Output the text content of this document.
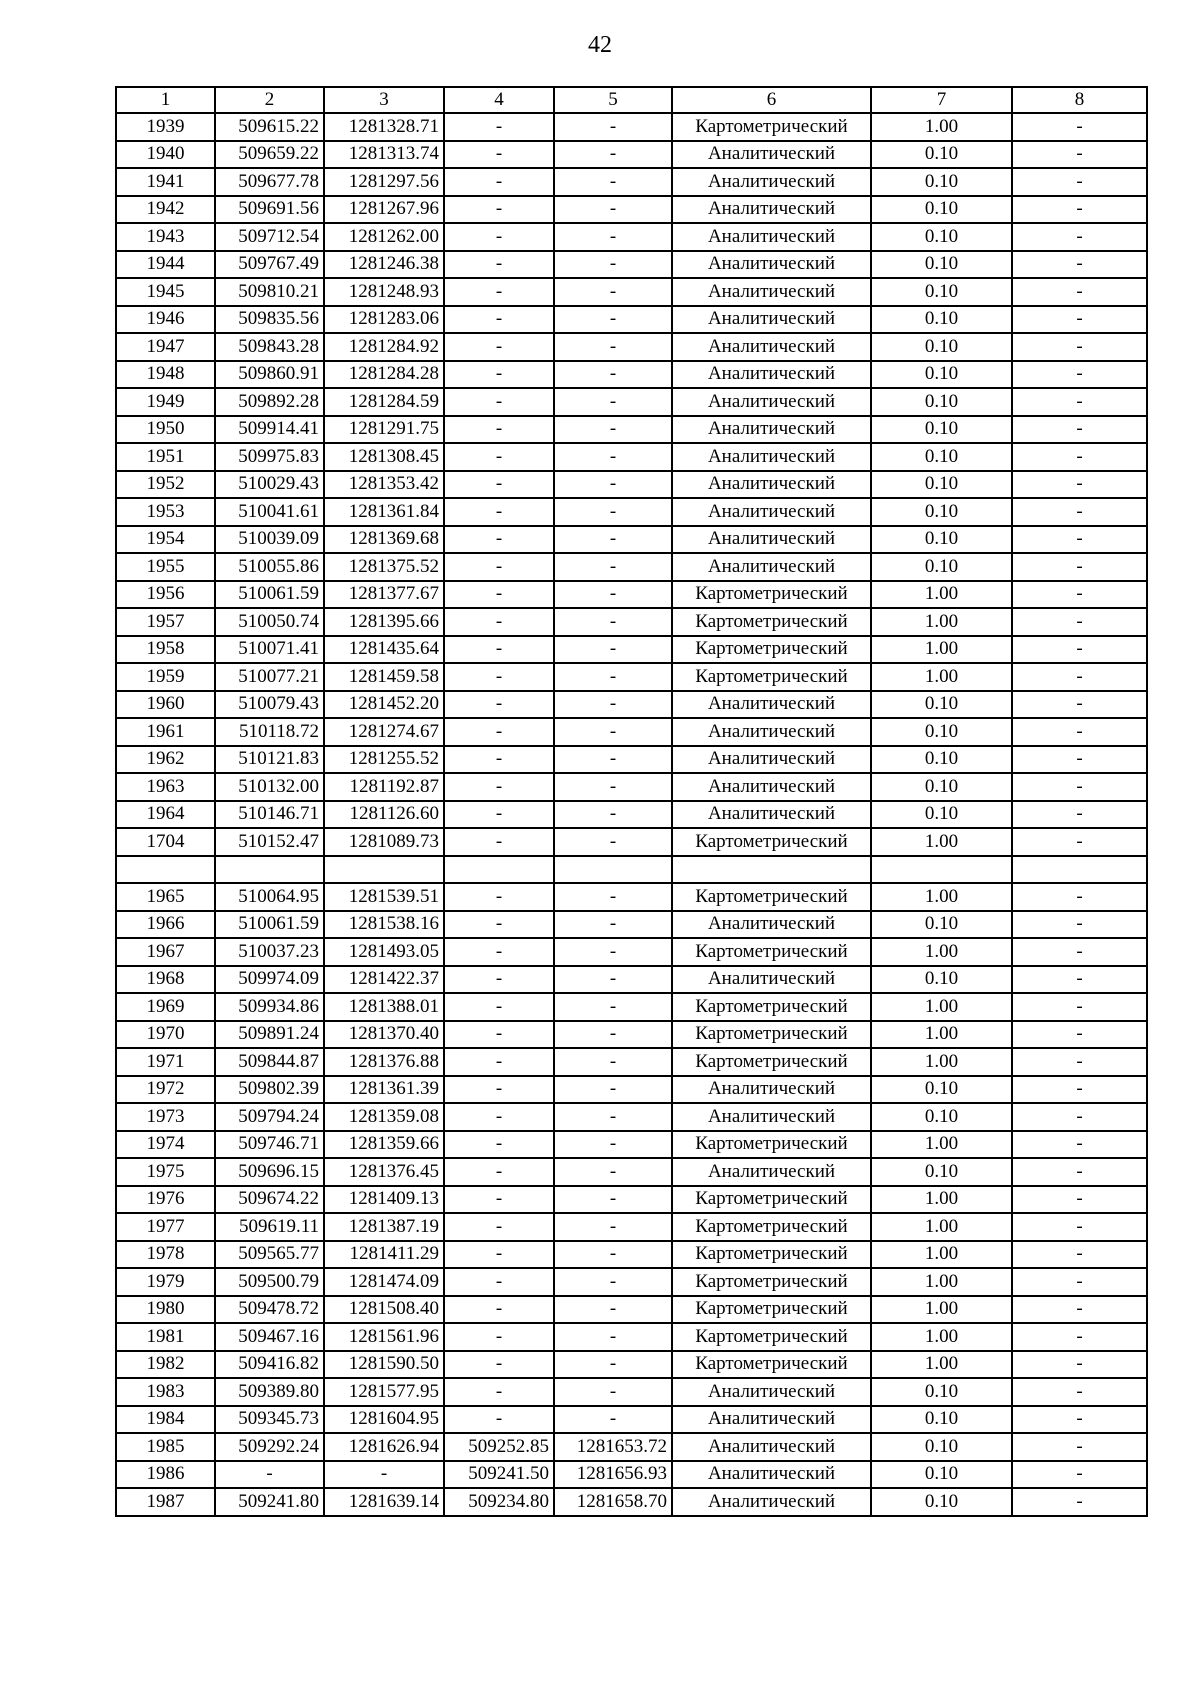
42
1	2	3	4	5	6	7	8
1939	509615.22	1281328.71	-	-	Картометрический	1.00	-
1940	509659.22	1281313.74	-	-	Аналитический	0.10	-
1941	509677.78	1281297.56	-	-	Аналитический	0.10	-
1942	509691.56	1281267.96	-	-	Аналитический	0.10	-
1943	509712.54	1281262.00	-	-	Аналитический	0.10	-
1944	509767.49	1281246.38	-	-	Аналитический	0.10	-
1945	509810.21	1281248.93	-	-	Аналитический	0.10	-
1946	509835.56	1281283.06	-	-	Аналитический	0.10	-
1947	509843.28	1281284.92	-	-	Аналитический	0.10	-
1948	509860.91	1281284.28	-	-	Аналитический	0.10	-
1949	509892.28	1281284.59	-	-	Аналитический	0.10	-
1950	509914.41	1281291.75	-	-	Аналитический	0.10	-
1951	509975.83	1281308.45	-	-	Аналитический	0.10	-
1952	510029.43	1281353.42	-	-	Аналитический	0.10	-
1953	510041.61	1281361.84	-	-	Аналитический	0.10	-
1954	510039.09	1281369.68	-	-	Аналитический	0.10	-
1955	510055.86	1281375.52	-	-	Аналитический	0.10	-
1956	510061.59	1281377.67	-	-	Картометрический	1.00	-
1957	510050.74	1281395.66	-	-	Картометрический	1.00	-
1958	510071.41	1281435.64	-	-	Картометрический	1.00	-
1959	510077.21	1281459.58	-	-	Картометрический	1.00	-
1960	510079.43	1281452.20	-	-	Аналитический	0.10	-
1961	510118.72	1281274.67	-	-	Аналитический	0.10	-
1962	510121.83	1281255.52	-	-	Аналитический	0.10	-
1963	510132.00	1281192.87	-	-	Аналитический	0.10	-
1964	510146.71	1281126.60	-	-	Аналитический	0.10	-
1704	510152.47	1281089.73	-	-	Картометрический	1.00	-

1965	510064.95	1281539.51	-	-	Картометрический	1.00	-
1966	510061.59	1281538.16	-	-	Аналитический	0.10	-
1967	510037.23	1281493.05	-	-	Картометрический	1.00	-
1968	509974.09	1281422.37	-	-	Аналитический	0.10	-
1969	509934.86	1281388.01	-	-	Картометрический	1.00	-
1970	509891.24	1281370.40	-	-	Картометрический	1.00	-
1971	509844.87	1281376.88	-	-	Картометрический	1.00	-
1972	509802.39	1281361.39	-	-	Аналитический	0.10	-
1973	509794.24	1281359.08	-	-	Аналитический	0.10	-
1974	509746.71	1281359.66	-	-	Картометрический	1.00	-
1975	509696.15	1281376.45	-	-	Аналитический	0.10	-
1976	509674.22	1281409.13	-	-	Картометрический	1.00	-
1977	509619.11	1281387.19	-	-	Картометрический	1.00	-
1978	509565.77	1281411.29	-	-	Картометрический	1.00	-
1979	509500.79	1281474.09	-	-	Картометрический	1.00	-
1980	509478.72	1281508.40	-	-	Картометрический	1.00	-
1981	509467.16	1281561.96	-	-	Картометрический	1.00	-
1982	509416.82	1281590.50	-	-	Картометрический	1.00	-
1983	509389.80	1281577.95	-	-	Аналитический	0.10	-
1984	509345.73	1281604.95	-	-	Аналитический	0.10	-
1985	509292.24	1281626.94	509252.85	1281653.72	Аналитический	0.10	-
1986	-	-	509241.50	1281656.93	Аналитический	0.10	-
1987	509241.80	1281639.14	509234.80	1281658.70	Аналитический	0.10	-
